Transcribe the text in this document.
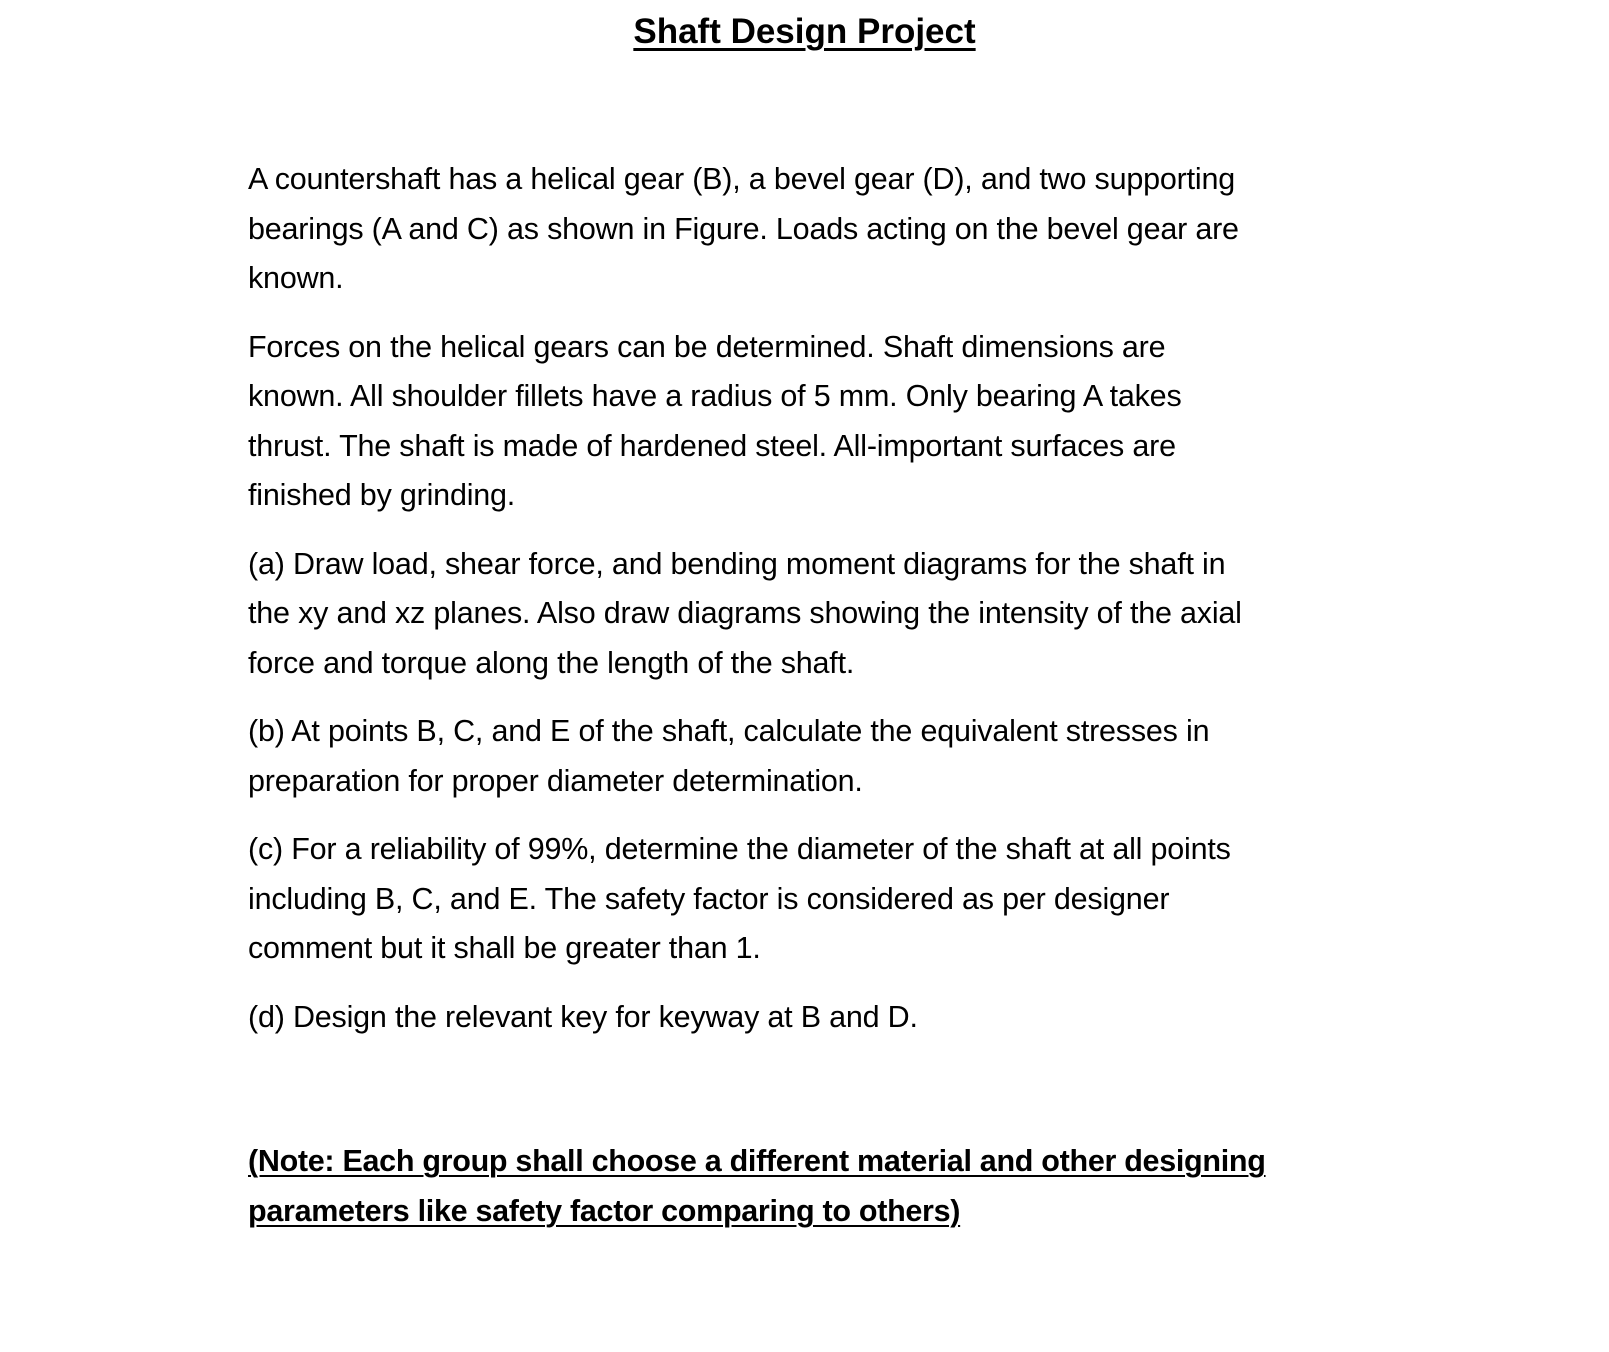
Shaft Design Project

A countershaft has a helical gear (B), a bevel gear (D), and two supporting
bearings (A and C) as shown in Figure. Loads acting on the bevel gear are
known.

Forces on the helical gears can be determined. Shaft dimensions are
known. All shoulder fillets have a radius of 5 mm. Only bearing A takes
thrust. The shaft is made of hardened steel. All-important surfaces are
finished by grinding.

(a) Draw load, shear force, and bending moment diagrams for the shaft in
the xy and xz planes. Also draw diagrams showing the intensity of the axial
force and torque along the length of the shaft.

(b) At points B, C, and E of the shaft, calculate the equivalent stresses in
preparation for proper diameter determination.

(c) For a reliability of 99%, determine the diameter of the shaft at all points
including B, C, and E. The safety factor is considered as per designer
comment but it shall be greater than 1.

(d) Design the relevant key for keyway at B and D.

(Note: Each group shall choose a different material and other designing
parameters like safety factor comparing to others)
